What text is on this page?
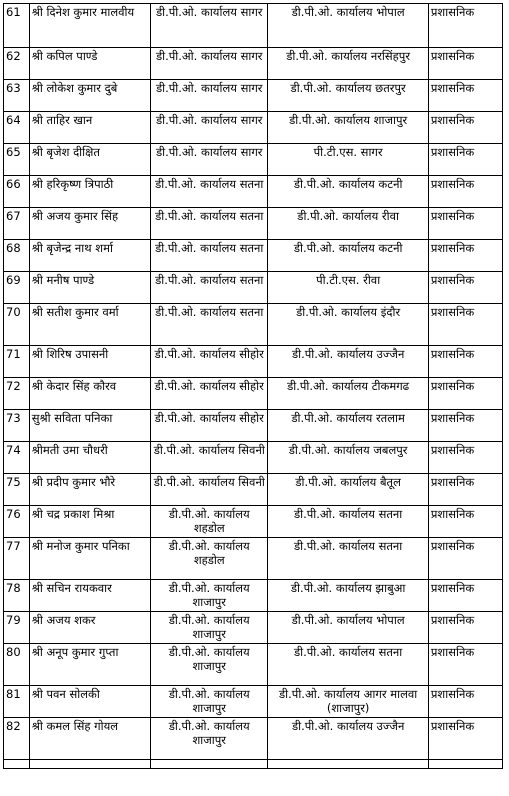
61	श्री दिनेश कुमार मालवीय	डी.पी.ओ. कार्यालय सागर	डी.पी.ओ. कार्यालय भोपाल	प्रशासनिक
62	श्री कपिल पाण्डे	डी.पी.ओ. कार्यालय सागर	डी.पी.ओ. कार्यालय नरसिंहपुर	प्रशासनिक
63	श्री लोकेश कुमार दुबे	डी.पी.ओ. कार्यालय सागर	डी.पी.ओ. कार्यालय छतरपुर	प्रशासनिक
64	श्री ताहिर खान	डी.पी.ओ. कार्यालय सागर	डी.पी.ओ. कार्यालय शाजापुर	प्रशासनिक
65	श्री बृजेश दीक्षित	डी.पी.ओ. कार्यालय सागर	पी.टी.एस. सागर	प्रशासनिक
66	श्री हरिकृष्ण त्रिपाठी	डी.पी.ओ. कार्यालय सतना	डी.पी.ओ. कार्यालय कटनी	प्रशासनिक
67	श्री अजय कुमार सिंह	डी.पी.ओ. कार्यालय सतना	डी.पी.ओ. कार्यालय रीवा	प्रशासनिक
68	श्री बृजेन्द्र नाथ शर्मा	डी.पी.ओ. कार्यालय सतना	डी.पी.ओ. कार्यालय कटनी	प्रशासनिक
69	श्री मनीष पाण्डे	डी.पी.ओ. कार्यालय सतना	पी.टी.एस. रीवा	प्रशासनिक
70	श्री सतीश कुमार वर्मा	डी.पी.ओ. कार्यालय सतना	डी.पी.ओ. कार्यालय इंदौर	प्रशासनिक
71	श्री शिरिष उपासनी	डी.पी.ओ. कार्यालय सीहोर	डी.पी.ओ. कार्यालय उज्जैन	प्रशासनिक
72	श्री केदार सिंह कौरव	डी.पी.ओ. कार्यालय सीहोर	डी.पी.ओ. कार्यालय टीकमगढ	प्रशासनिक
73	सुश्री सविता पनिका	डी.पी.ओ. कार्यालय सीहोर	डी.पी.ओ. कार्यालय रतलाम	प्रशासनिक
74	श्रीमती उमा चौधरी	डी.पी.ओ. कार्यालय सिवनी	डी.पी.ओ. कार्यालय जबलपुर	प्रशासनिक
75	श्री प्रदीप कुमार भौरे	डी.पी.ओ. कार्यालय सिवनी	डी.पी.ओ. कार्यालय बैतूल	प्रशासनिक
76	श्री चद्र प्रकाश मिश्रा	डी.पी.ओ. कार्यालय शहडोल	डी.पी.ओ. कार्यालय सतना	प्रशासनिक
77	श्री मनोज कुमार पनिका	डी.पी.ओ. कार्यालय शहडोल	डी.पी.ओ. कार्यालय सतना	प्रशासनिक
78	श्री सचिन रायकवार	डी.पी.ओ. कार्यालय शाजापुर	डी.पी.ओ. कार्यालय झाबुआ	प्रशासनिक
79	श्री अजय शकर	डी.पी.ओ. कार्यालय शाजापुर	डी.पी.ओ. कार्यालय भोपाल	प्रशासनिक
80	श्री अनूप कुमार गुप्ता	डी.पी.ओ. कार्यालय शाजापुर	डी.पी.ओ. कार्यालय सतना	प्रशासनिक
81	श्री पवन सोलकी	डी.पी.ओ. कार्यालय शाजापुर	डी.पी.ओ. कार्यालय आगर मालवा (शाजापुर)	प्रशासनिक
82	श्री कमल सिंह गोयल	डी.पी.ओ. कार्यालय शाजापुर	डी.पी.ओ. कार्यालय उज्जैन	प्रशासनिक
